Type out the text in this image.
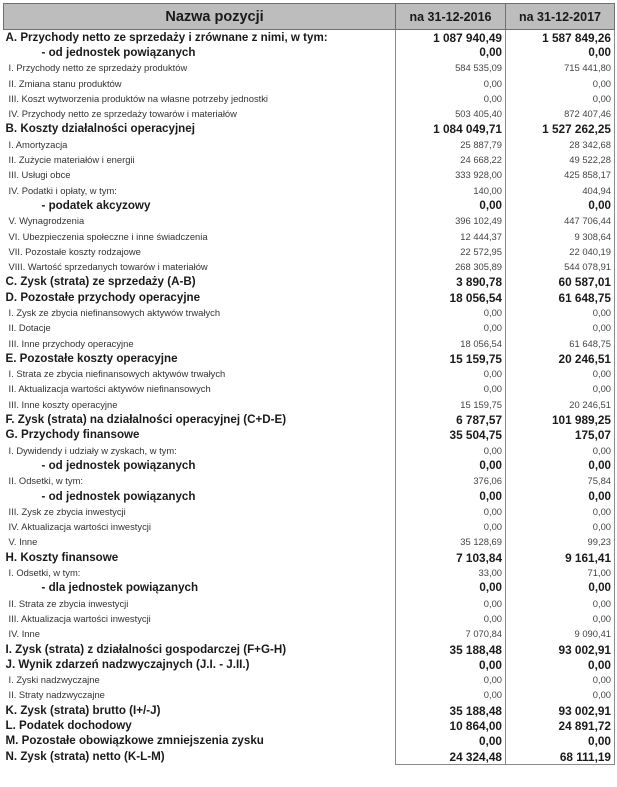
Nazwa pozycji	na 31-12-2016	na 31-12-2017
A. Przychody netto ze sprzedaży i zrównane z nimi, w tym:	1 087 940,49	1 587 849,26
- od jednostek powiązanych	0,00	0,00
I. Przychody netto ze sprzedaży produktów	584 535,09	715 441,80
II. Zmiana stanu produktów	0,00	0,00
III. Koszt wytworzenia produktów na własne potrzeby jednostki	0,00	0,00
IV. Przychody netto ze sprzedaży towarów i materiałów	503 405,40	872 407,46
B. Koszty działalności operacyjnej	1 084 049,71	1 527 262,25
I. Amortyzacja	25 887,79	28 342,68
II. Zużycie materiałów i energii	24 668,22	49 522,28
III. Usługi obce	333 928,00	425 858,17
IV. Podatki i opłaty, w tym:	140,00	404,94
- podatek akcyzowy	0,00	0,00
V. Wynagrodzenia	396 102,49	447 706,44
VI. Ubezpieczenia społeczne i inne świadczenia	12 444,37	9 308,64
VII. Pozostałe koszty rodzajowe	22 572,95	22 040,19
VIII. Wartość sprzedanych towarów i materiałów	268 305,89	544 078,91
C. Zysk (strata) ze sprzedaży (A-B)	3 890,78	60 587,01
D. Pozostałe przychody operacyjne	18 056,54	61 648,75
I. Zysk ze zbycia niefinansowych aktywów trwałych	0,00	0,00
II. Dotacje	0,00	0,00
III. Inne przychody operacyjne	18 056,54	61 648,75
E. Pozostałe koszty operacyjne	15 159,75	20 246,51
I. Strata ze zbycia niefinansowych aktywów trwałych	0,00	0,00
II. Aktualizacja wartości aktywów niefinansowych	0,00	0,00
III. Inne koszty operacyjne	15 159,75	20 246,51
F. Zysk (strata) na działalności operacyjnej (C+D-E)	6 787,57	101 989,25
G. Przychody finansowe	35 504,75	175,07
I. Dywidendy i udziały w zyskach, w tym:	0,00	0,00
- od jednostek powiązanych	0,00	0,00
II. Odsetki, w tym:	376,06	75,84
- od jednostek powiązanych	0,00	0,00
III. Zysk ze zbycia inwestycji	0,00	0,00
IV. Aktualizacja wartości inwestycji	0,00	0,00
V. Inne	35 128,69	99,23
H. Koszty finansowe	7 103,84	9 161,41
I. Odsetki, w tym:	33,00	71,00
- dla jednostek powiązanych	0,00	0,00
II. Strata ze zbycia inwestycji	0,00	0,00
III. Aktualizacja wartości inwestycji	0,00	0,00
IV. Inne	7 070,84	9 090,41
I. Zysk (strata) z działalności gospodarczej (F+G-H)	35 188,48	93 002,91
J. Wynik zdarzeń nadzwyczajnych (J.I. - J.II.)	0,00	0,00
I. Zyski nadzwyczajne	0,00	0,00
II. Straty nadzwyczajne	0,00	0,00
K. Zysk (strata) brutto (I+/-J)	35 188,48	93 002,91
L. Podatek dochodowy	10 864,00	24 891,72
M. Pozostałe obowiązkowe zmniejszenia zysku	0,00	0,00
N. Zysk (strata) netto (K-L-M)	24 324,48	68 111,19
